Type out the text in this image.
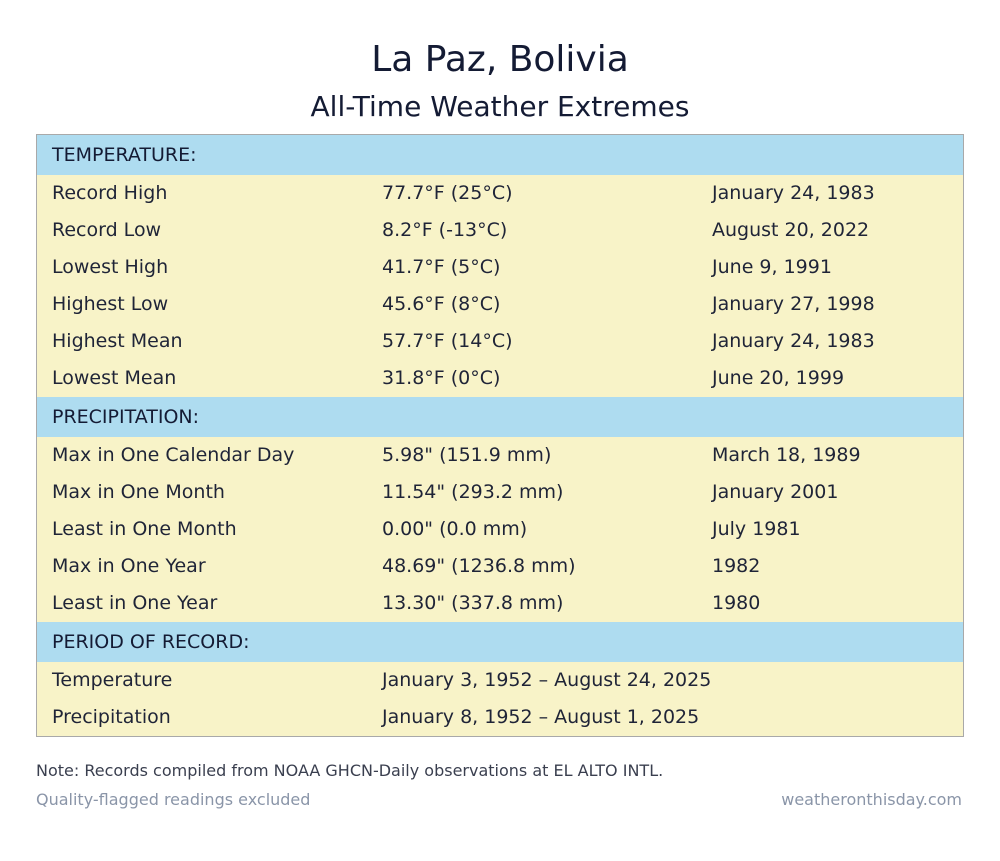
La Paz, Bolivia
All-Time Weather Extremes
TEMPERATURE:
Record High	77.7°F (25°C)	January 24, 1983
Record Low	8.2°F (-13°C)	August 20, 2022
Lowest High	41.7°F (5°C)	June 9, 1991
Highest Low	45.6°F (8°C)	January 27, 1998
Highest Mean	57.7°F (14°C)	January 24, 1983
Lowest Mean	31.8°F (0°C)	June 20, 1999
PRECIPITATION:
Max in One Calendar Day	5.98" (151.9 mm)	March 18, 1989
Max in One Month	11.54" (293.2 mm)	January 2001
Least in One Month	0.00" (0.0 mm)	July 1981
Max in One Year	48.69" (1236.8 mm)	1982
Least in One Year	13.30" (337.8 mm)	1980
PERIOD OF RECORD:
Temperature	January 3, 1952 – August 24, 2025
Precipitation	January 8, 1952 – August 1, 2025
Note: Records compiled from NOAA GHCN-Daily observations at EL ALTO INTL.
Quality-flagged readings excluded	weatheronthisday.com
